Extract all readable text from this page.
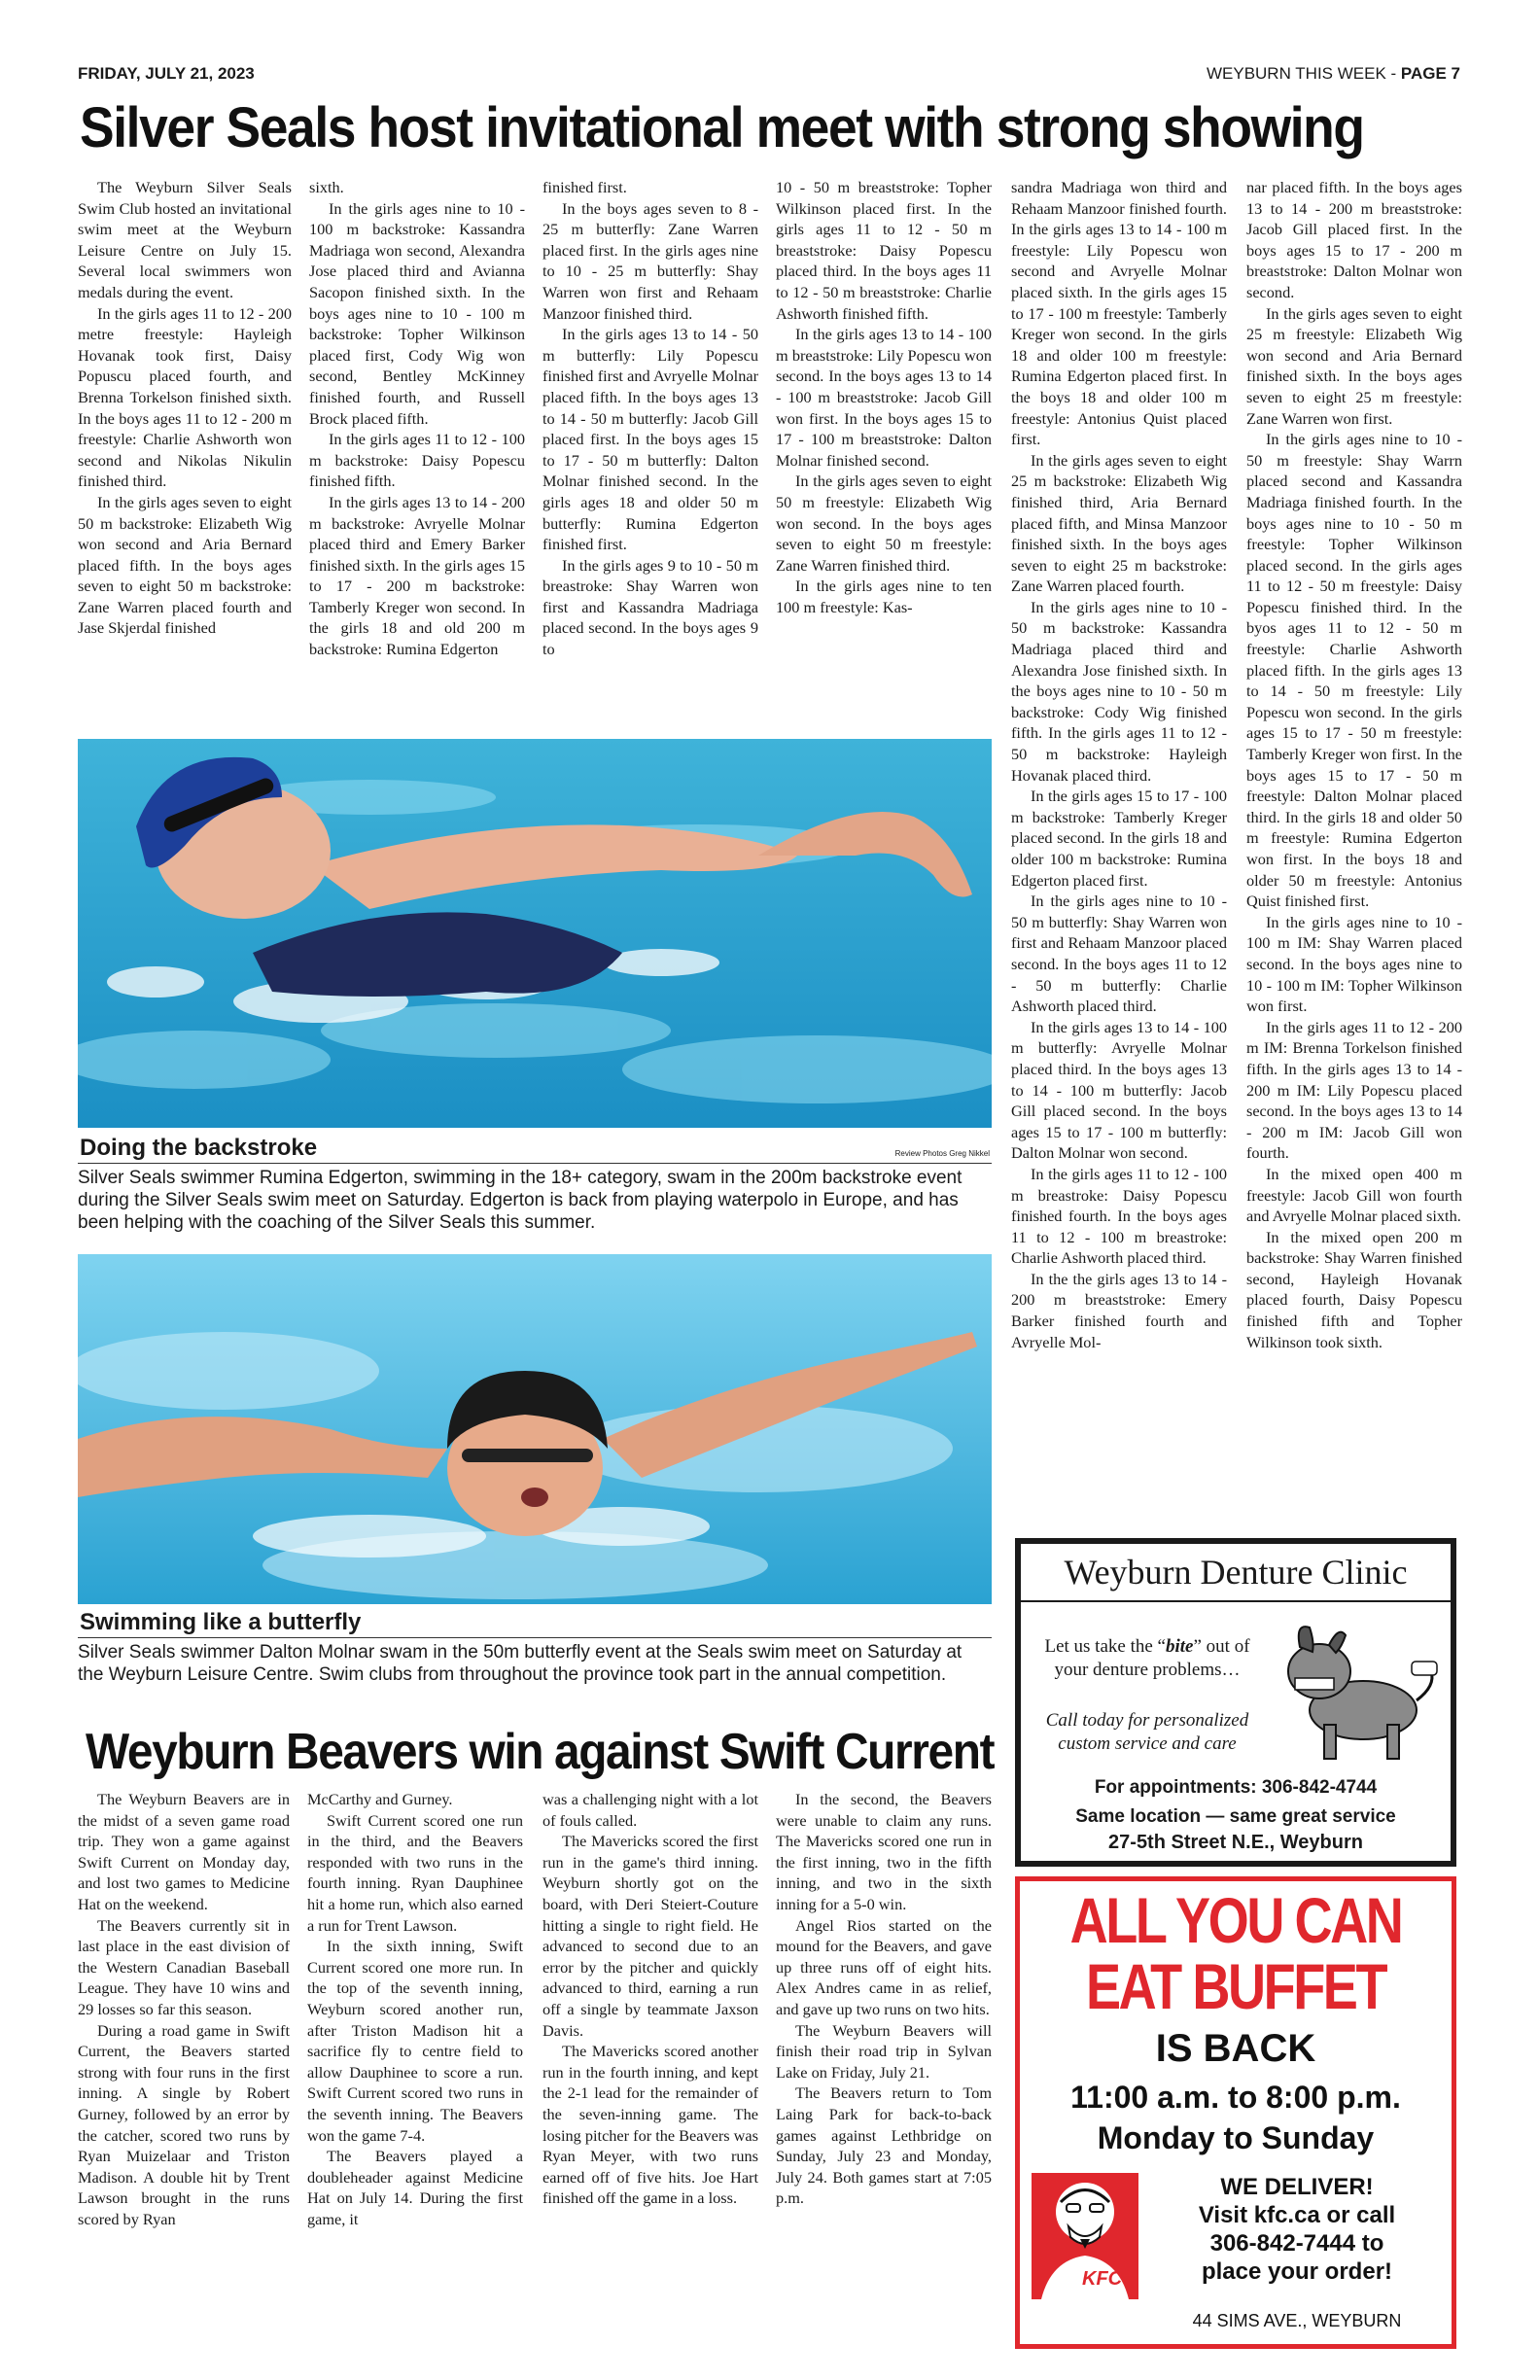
FRIDAY, JULY 21, 2023	WEYBURN THIS WEEK - PAGE 7
Silver Seals host invitational meet with strong showing

The Weyburn Silver Seals Swim Club hosted an invitational swim meet at the Weyburn Leisure Centre on July 15. Several local swimmers won medals during the event.

In the girls ages 11 to 12 - 200 metre freestyle: Hayleigh Hovanak took first, Daisy Popuscu placed fourth, and Brenna Torkelson finished sixth. In the boys ages 11 to 12 - 200 m freestyle: Charlie Ashworth won second and Nikolas Nikulin finished third.

In the girls ages seven to eight 50 m backstroke: Elizabeth Wig won second and Aria Bernard placed fifth. In the boys ages seven to eight 50 m backstroke: Zane Warren placed fourth and Jase Skjerdal finished

sixth.

In the girls ages nine to 10 - 100 m backstroke: Kassandra Madriaga won second, Alexandra Jose placed third and Avianna Sacopon finished sixth. In the boys ages nine to 10 - 100 m backstroke: Topher Wilkinson placed first, Cody Wig won second, Bentley McKinney finished fourth, and Russell Brock placed fifth.

In the girls ages 11 to 12 - 100 m backstroke: Daisy Popescu finished fifth.

In the girls ages 13 to 14 - 200 m backstroke: Avryelle Molnar placed third and Emery Barker finished sixth. In the girls ages 15 to 17 - 200 m backstroke: Tamberly Kreger won second. In the girls 18 and old 200 m backstroke: Rumina Edgerton

finished first.

In the boys ages seven to 8 - 25 m butterfly: Zane Warren placed first. In the girls ages nine to 10 - 25 m butterfly: Shay Warren won first and Rehaam Manzoor finished third.

In the girls ages 13 to 14 - 50 m butterfly: Lily Popescu finished first and Avryelle Molnar placed fifth. In the boys ages 13 to 14 - 50 m butterfly: Jacob Gill placed first. In the boys ages 15 to 17 - 50 m butterfly: Dalton Molnar finished second. In the girls ages 18 and older 50 m butterfly: Rumina Edgerton finished first.

In the girls ages 9 to 10 - 50 m breastroke: Shay Warren won first and Kassandra Madriaga placed second. In the boys ages 9 to

10 - 50 m breaststroke: Topher Wilkinson placed first. In the girls ages 11 to 12 - 50 m breaststroke: Daisy Popescu placed third. In the boys ages 11 to 12 - 50 m breaststroke: Charlie Ashworth finished fifth.

In the girls ages 13 to 14 - 100 m breaststroke: Lily Popescu won second. In the boys ages 13 to 14 - 100 m breaststroke: Jacob Gill won first. In the boys ages 15 to 17 - 100 m breaststroke: Dalton Molnar finished second.

In the girls ages seven to eight 50 m freestyle: Elizabeth Wig won second. In the boys ages seven to eight 50 m freestyle: Zane Warren finished third.

In the girls ages nine to ten 100 m freestyle: Kas-

sandra Madriaga won third and Rehaam Manzoor finished fourth. In the girls ages 13 to 14 - 100 m freestyle: Lily Popescu won second and Avryelle Molnar placed sixth. In the girls ages 15 to 17 - 100 m freestyle: Tamberly Kreger won second. In the girls 18 and older 100 m freestyle: Rumina Edgerton placed first. In the boys 18 and older 100 m freestyle: Antonius Quist placed first.

In the girls ages seven to eight 25 m backstroke: Elizabeth Wig finished third, Aria Bernard placed fifth, and Minsa Manzoor finished sixth. In the boys ages seven to eight 25 m backstroke: Zane Warren placed fourth.

In the girls ages nine to 10 - 50 m backstroke: Kassandra Madriaga placed third and Alexandra Jose finished sixth. In the boys ages nine to 10 - 50 m backstroke: Cody Wig finished fifth. In the girls ages 11 to 12 - 50 m backstroke: Hayleigh Hovanak placed third.

In the girls ages 15 to 17 - 100 m backstroke: Tamberly Kreger placed second. In the girls 18 and older 100 m backstroke: Rumina Edgerton placed first.

In the girls ages nine to 10 - 50 m butterfly: Shay Warren won first and Rehaam Manzoor placed second. In the boys ages 11 to 12 - 50 m butterfly: Charlie Ashworth placed third.

In the girls ages 13 to 14 - 100 m butterfly: Avryelle Molnar placed third. In the boys ages 13 to 14 - 100 m butterfly: Jacob Gill placed second. In the boys ages 15 to 17 - 100 m butterfly: Dalton Molnar won second.

In the girls ages 11 to 12 - 100 m breastroke: Daisy Popescu finished fourth. In the boys ages 11 to 12 - 100 m breastroke: Charlie Ashworth placed third.

In the the girls ages 13 to 14 - 200 m breaststroke: Emery Barker finished fourth and Avryelle Mol-

nar placed fifth. In the boys ages 13 to 14 - 200 m breaststroke: Jacob Gill placed first. In the boys ages 15 to 17 - 200 m breaststroke: Dalton Molnar won second.

In the girls ages seven to eight 25 m freestyle: Elizabeth Wig won second and Aria Bernard finished sixth. In the boys ages seven to eight 25 m freestyle: Zane Warren won first.

In the girls ages nine to 10 - 50 m freestyle: Shay Warrn placed second and Kassandra Madriaga finished fourth. In the boys ages nine to 10 - 50 m freestyle: Topher Wilkinson placed second. In the girls ages 11 to 12 - 50 m freestyle: Daisy Popescu finished third. In the byos ages 11 to 12 - 50 m freestyle: Charlie Ashworth placed fifth. In the girls ages 13 to 14 - 50 m freestyle: Lily Popescu won second. In the girls ages 15 to 17 - 50 m freestyle: Tamberly Kreger won first. In the boys ages 15 to 17 - 50 m freestyle: Dalton Molnar placed third. In the girls 18 and older 50 m freestyle: Rumina Edgerton won first. In the boys 18 and older 50 m freestyle: Antonius Quist finished first.

In the girls ages nine to 10 - 100 m IM: Shay Warren placed second. In the boys ages nine to 10 - 100 m IM: Topher Wilkinson won first.

In the girls ages 11 to 12 - 200 m IM: Brenna Torkelson finished fifth. In the girls ages 13 to 14 - 200 m IM: Lily Popescu placed second. In the boys ages 13 to 14 - 200 m IM: Jacob Gill won fourth.

In the mixed open 400 m freestyle: Jacob Gill won fourth and Avryelle Molnar placed sixth.

In the mixed open 200 m backstroke: Shay Warren finished second, Hayleigh Hovanak placed fourth, Daisy Popescu finished fifth and Topher Wilkinson took sixth.

Doing the backstroke	Review Photos Greg Nikkel
Silver Seals swimmer Rumina Edgerton, swimming in the 18+ category, swam in the 200m backstroke event during the Silver Seals swim meet on Saturday. Edgerton is back from playing waterpolo in Europe, and has been helping with the coaching of the Silver Seals this summer.
Swimming like a butterfly
Silver Seals swimmer Dalton Molnar swam in the 50m butterfly event at the Seals swim meet on Saturday at the Weyburn Leisure Centre. Swim clubs from throughout the province took part in the annual competition.
Weyburn Beavers win against Swift Current

The Weyburn Beavers are in the midst of a seven game road trip. They won a game against Swift Current on Monday day, and lost two games to Medicine Hat on the weekend.

The Beavers currently sit in last place in the east division of the Western Canadian Baseball League. They have 10 wins and 29 losses so far this season.

During a road game in Swift Current, the Beavers started strong with four runs in the first inning. A single by Robert Gurney, followed by an error by the catcher, scored two runs by Ryan Muizelaar and Triston Madison. A double hit by Trent Lawson brought in the runs scored by Ryan

McCarthy and Gurney.

Swift Current scored one run in the third, and the Beavers responded with two runs in the fourth inning. Ryan Dauphinee hit a home run, which also earned a run for Trent Lawson.

In the sixth inning, Swift Current scored one more run. In the top of the seventh inning, Weyburn scored another run, after Triston Madison hit a sacrifice fly to centre field to allow Dauphinee to score a run. Swift Current scored two runs in the seventh inning. The Beavers won the game 7-4.

The Beavers played a doubleheader against Medicine Hat on July 14. During the first game, it

was a challenging night with a lot of fouls called.

The Mavericks scored the first run in the game's third inning. Weyburn shortly got on the board, with Deri Steiert-Couture hitting a single to right field. He advanced to second due to an error by the pitcher and quickly advanced to third, earning a run off a single by teammate Jaxson Davis.

The Mavericks scored another run in the fourth inning, and kept the 2-1 lead for the remainder of the seven-inning game. The losing pitcher for the Beavers was Ryan Meyer, with two runs earned off of five hits. Joe Hart finished off the game in a loss.

In the second, the Beavers were unable to claim any runs. The Mavericks scored one run in the first inning, two in the fifth inning, and two in the sixth inning for a 5-0 win.

Angel Rios started on the mound for the Beavers, and gave up three runs off of eight hits. Alex Andres came in as relief, and gave up two runs on two hits.

The Weyburn Beavers will finish their road trip in Sylvan Lake on Friday, July 21.

The Beavers return to Tom Laing Park for back-to-back games against Lethbridge on Sunday, July 23 and Monday, July 24. Both games start at 7:05 p.m.

Weyburn Denture Clinic
Let us take the “bite” out of your denture problems…
Call today for personalized custom service and care
For appointments: 306-842-4744
Same location — same great service
27-5th Street N.E., Weyburn
ALL YOU CAN
EAT BUFFET
IS BACK
11:00 a.m. to 8:00 p.m.
Monday to Sunday
KFC
WE DELIVER!
Visit kfc.ca or call
306-842-7444 to
place your order!
44 SIMS AVE., WEYBURN
